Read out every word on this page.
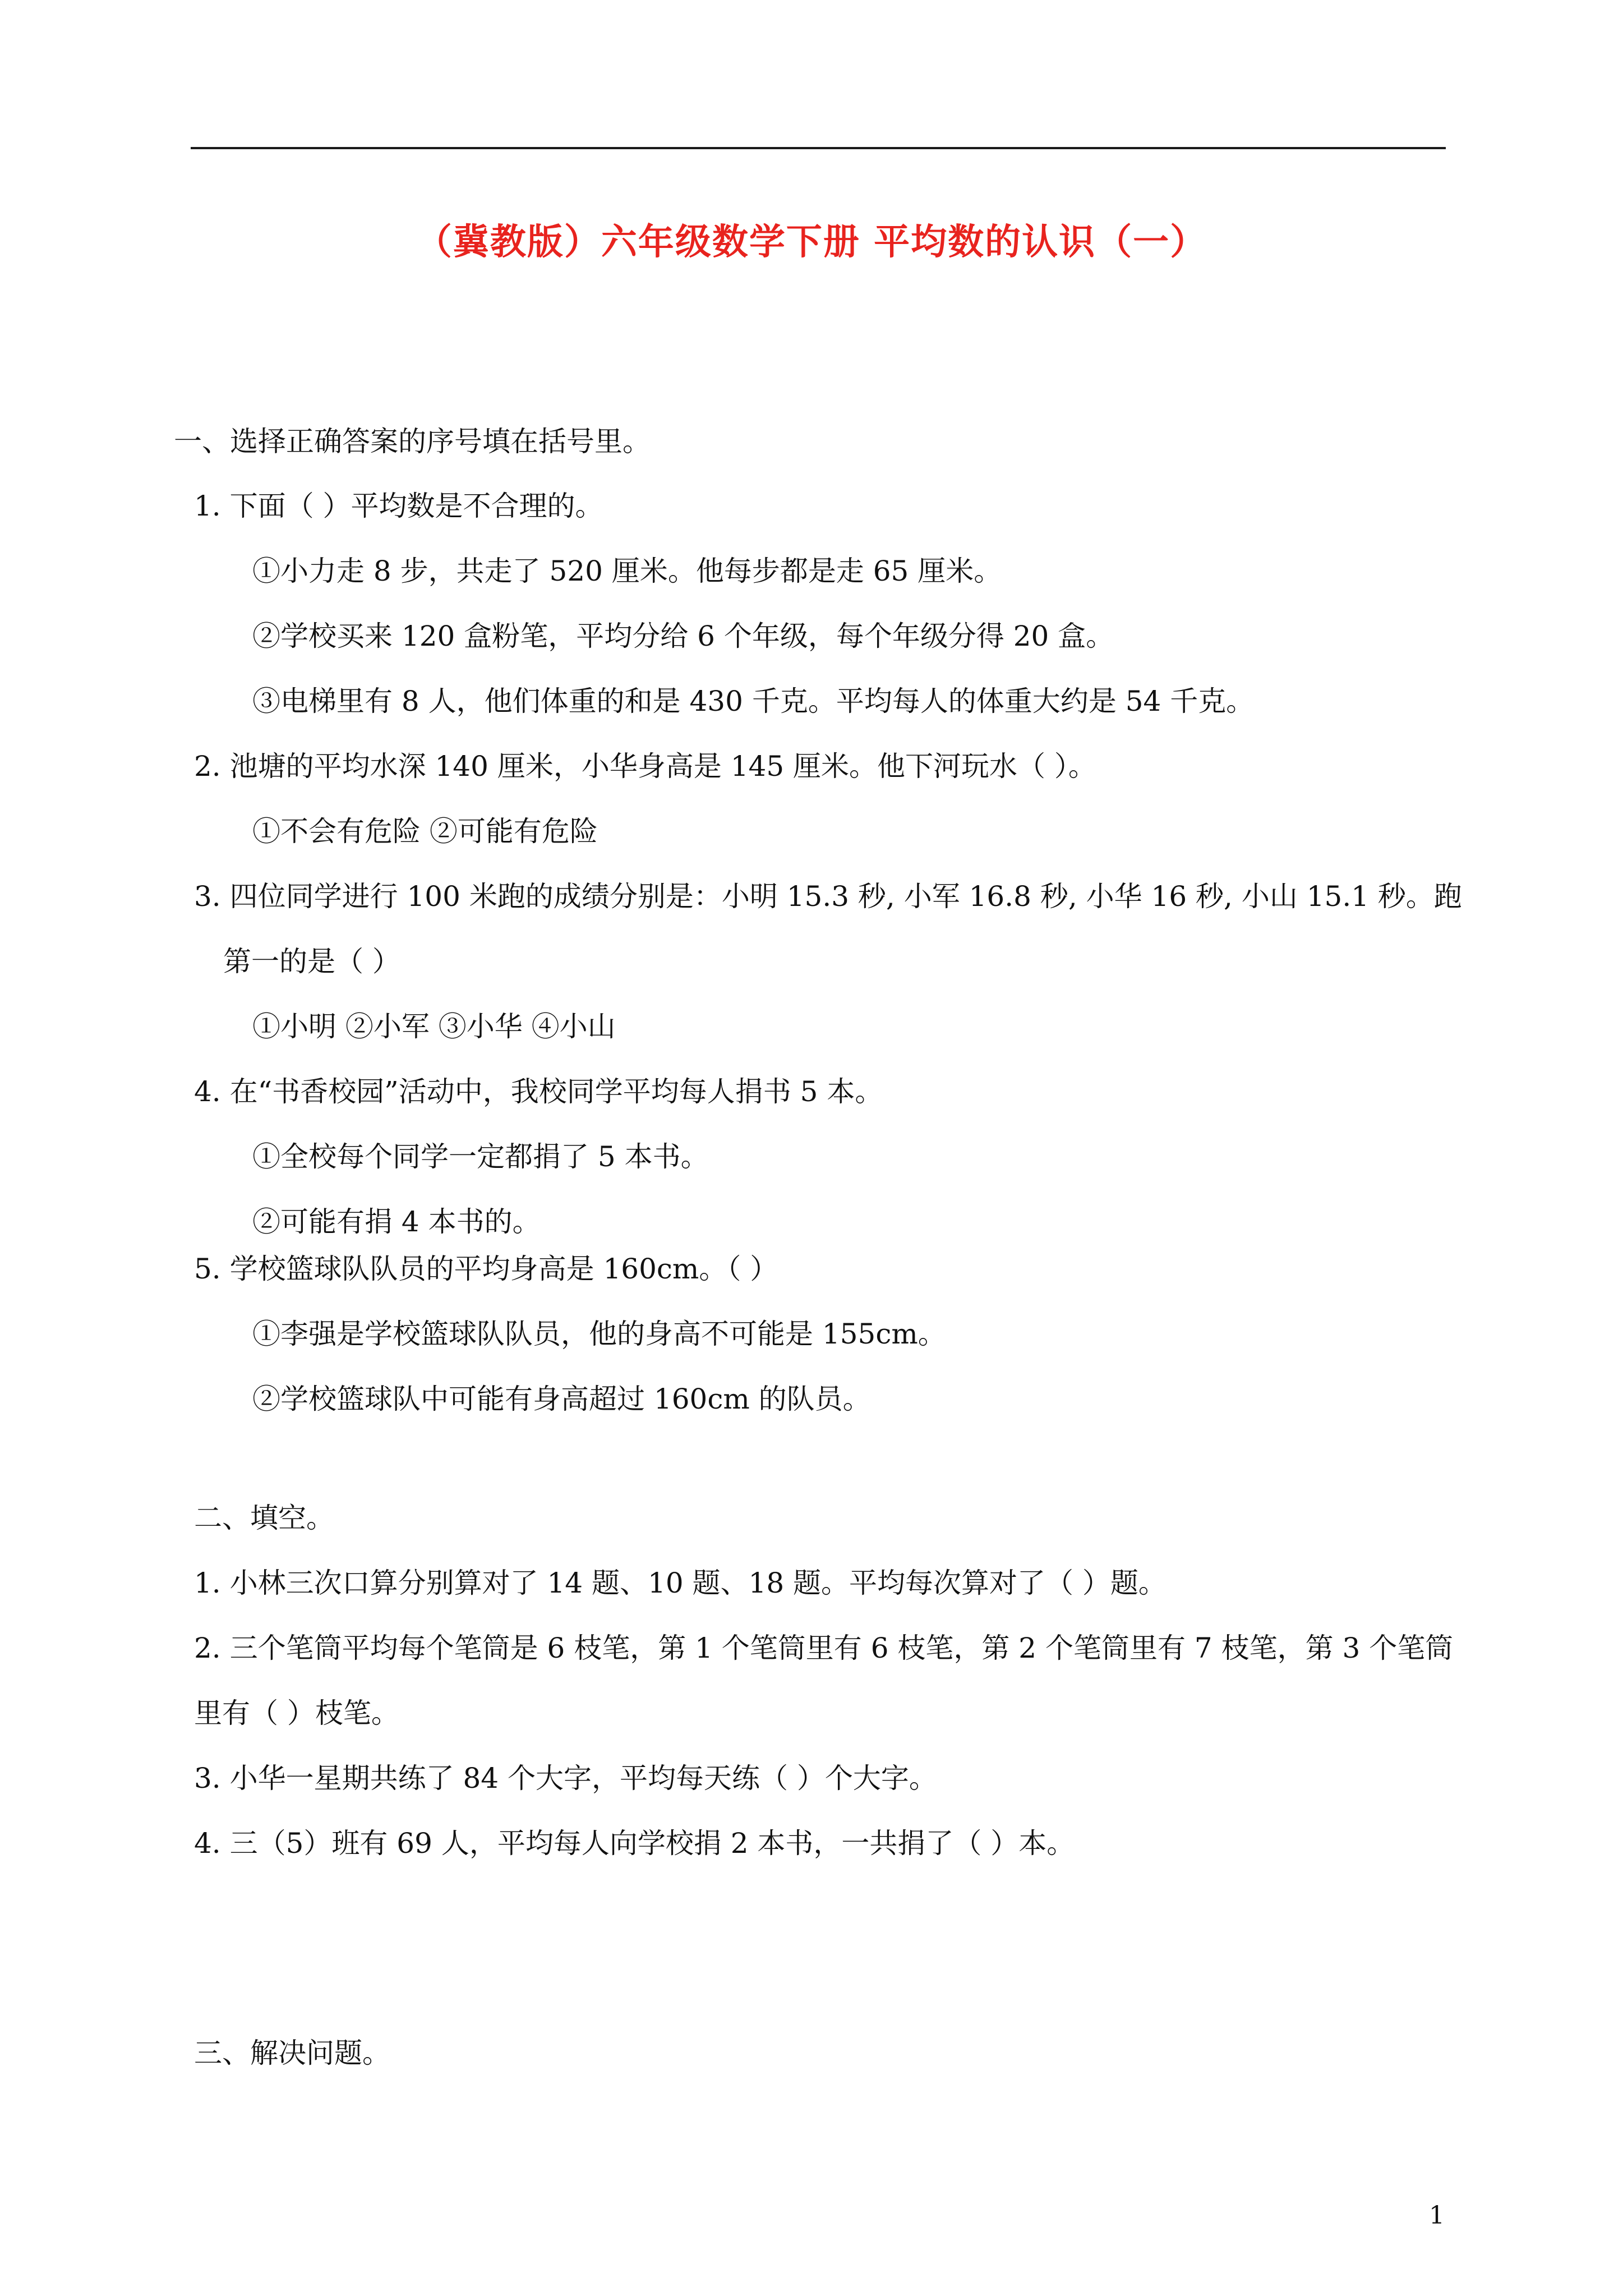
（冀教版）六年级数学下册 平均数的认识（一）
一、选择正确答案的序号填在括号里。
1. 下面（ ）平均数是不合理的。
①小力走 8 步，共走了 520 厘米。他每步都是走 65 厘米。
②学校买来 120 盒粉笔，平均分给 6 个年级，每个年级分得 20 盒。
③电梯里有 8 人，他们体重的和是 430 千克。平均每人的体重大约是 54 千克。
2. 池塘的平均水深 140 厘米，小华身高是 145 厘米。他下河玩水（ ）。
①不会有危险 ②可能有危险
3. 四位同学进行 100 米跑的成绩分别是：小明 15.3 秒, 小军 16.8 秒, 小华 16 秒, 小山 15.1 秒。跑
第一的是（ ）
①小明 ②小军 ③小华 ④小山
4. 在“书香校园”活动中，我校同学平均每人捐书 5 本。
①全校每个同学一定都捐了 5 本书。
②可能有捐 4 本书的。
5. 学校篮球队队员的平均身高是 160cm。（ ）
①李强是学校篮球队队员，他的身高不可能是 155cm。
②学校篮球队中可能有身高超过 160cm 的队员。
二、填空。
1. 小林三次口算分别算对了 14 题、10 题、18 题。平均每次算对了（ ）题。
2. 三个笔筒平均每个笔筒是 6 枝笔，第 1 个笔筒里有 6 枝笔，第 2 个笔筒里有 7 枝笔，第 3 个笔筒
里有（ ）枝笔。
3. 小华一星期共练了 84 个大字，平均每天练（ ）个大字。
4. 三（5）班有 69 人，平均每人向学校捐 2 本书，一共捐了（ ）本。
三、解决问题。
1
